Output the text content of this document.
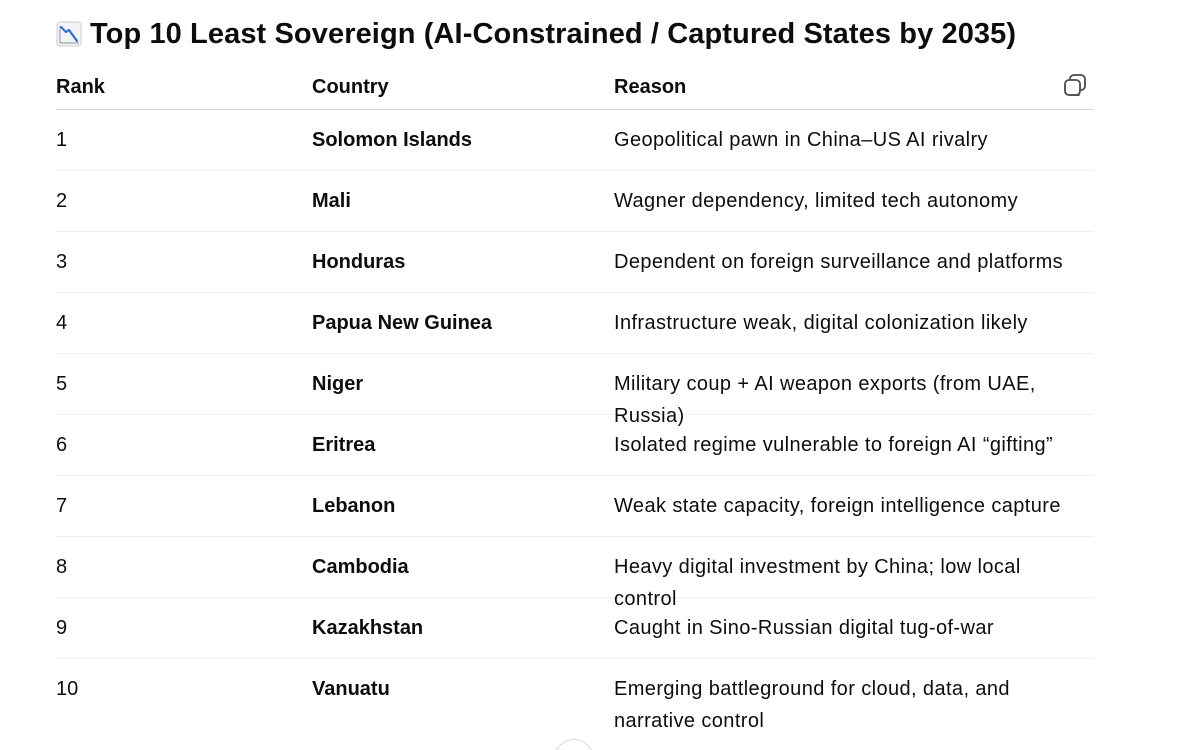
Top 10 Least Sovereign (AI-Constrained / Captured States by 2035)
Rank	Country	Reason
1	Solomon Islands	Geopolitical pawn in China–US AI rivalry
2	Mali	Wagner dependency, limited tech autonomy
3	Honduras	Dependent on foreign surveillance and platforms
4	Papua New Guinea	Infrastructure weak, digital colonization likely
5	Niger	Military coup + AI weapon exports (from UAE, Russia)
6	Eritrea	Isolated regime vulnerable to foreign AI “gifting”
7	Lebanon	Weak state capacity, foreign intelligence capture
8	Cambodia	Heavy digital investment by China; low local control
9	Kazakhstan	Caught in Sino-Russian digital tug-of-war
10	Vanuatu	Emerging battleground for cloud, data, and narrative control
